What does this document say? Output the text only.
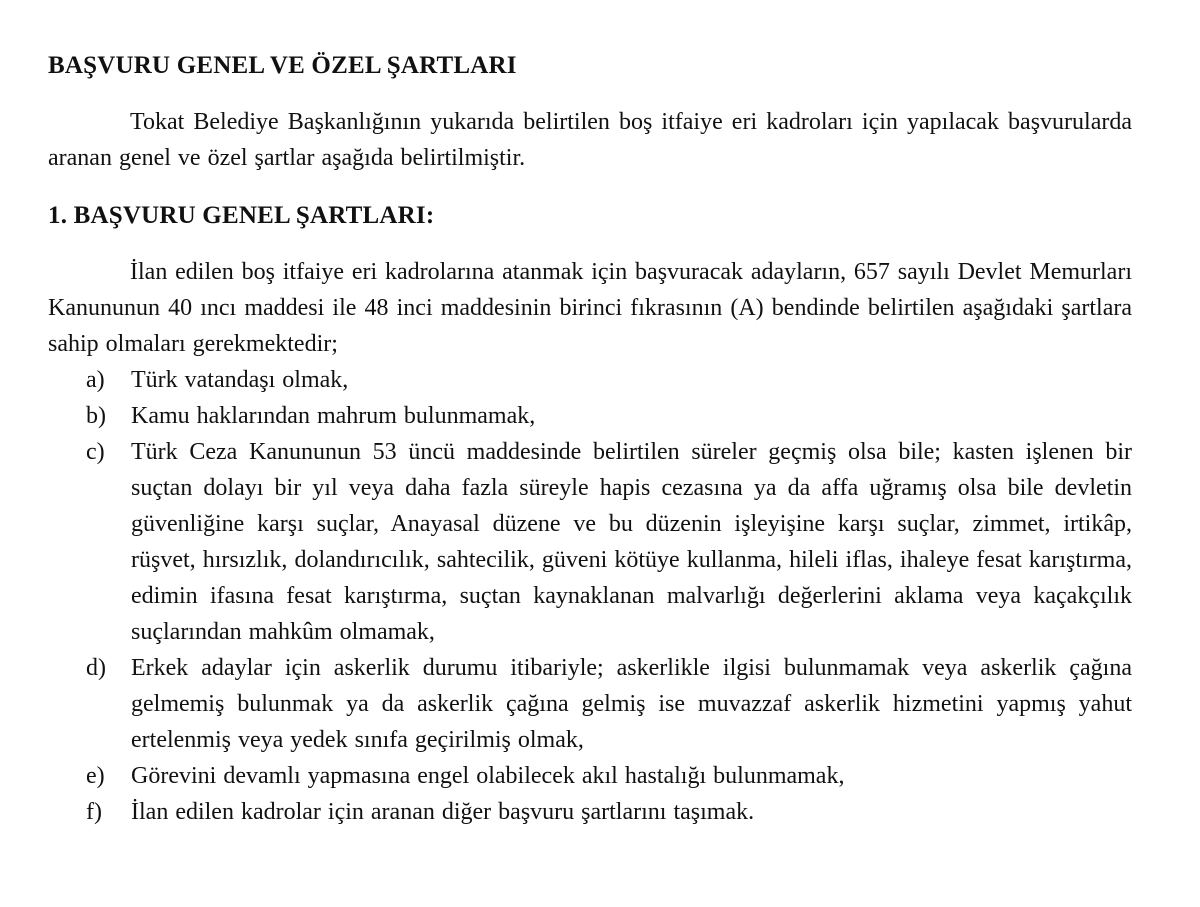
BAŞVURU GENEL VE ÖZEL ŞARTLARI

Tokat Belediye Başkanlığının yukarıda belirtilen boş itfaiye eri kadroları için yapılacak başvurularda aranan genel ve özel şartlar aşağıda belirtilmiştir.

1. BAŞVURU GENEL ŞARTLARI:

İlan edilen boş itfaiye eri kadrolarına atanmak için başvuracak adayların, 657 sayılı Devlet Memurları Kanununun 40 ıncı maddesi ile 48 inci maddesinin birinci fıkrasının (A) bendinde belirtilen aşağıdaki şartlara sahip olmaları gerekmektedir;

a) Türk vatandaşı olmak,
b) Kamu haklarından mahrum bulunmamak,
c) Türk Ceza Kanununun 53 üncü maddesinde belirtilen süreler geçmiş olsa bile; kasten işlenen bir suçtan dolayı bir yıl veya daha fazla süreyle hapis cezasına ya da affa uğramış olsa bile devletin güvenliğine karşı suçlar, Anayasal düzene ve bu düzenin işleyişine karşı suçlar, zimmet, irtikâp, rüşvet, hırsızlık, dolandırıcılık, sahtecilik, güveni kötüye kullanma, hileli iflas, ihaleye fesat karıştırma, edimin ifasına fesat karıştırma, suçtan kaynaklanan malvarlığı değerlerini aklama veya kaçakçılık suçlarından mahkûm olmamak,
d) Erkek adaylar için askerlik durumu itibariyle; askerlikle ilgisi bulunmamak veya askerlik çağına gelmemiş bulunmak ya da askerlik çağına gelmiş ise muvazzaf askerlik hizmetini yapmış yahut ertelenmiş veya yedek sınıfa geçirilmiş olmak,
e) Görevini devamlı yapmasına engel olabilecek akıl hastalığı bulunmamak,
f) İlan edilen kadrolar için aranan diğer başvuru şartlarını taşımak.
